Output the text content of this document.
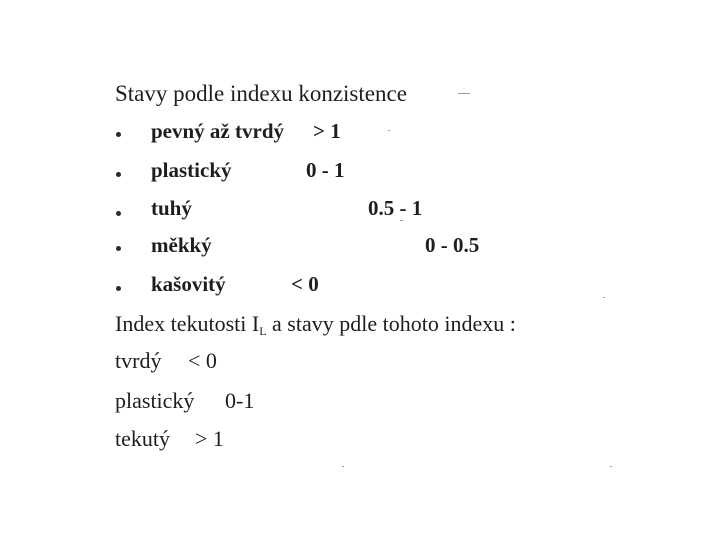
Stavy podle indexu konzistence
pevný až tvrdý > 1
plastický	0 - 1
tuhý	0.5 - 1
měkký	0 - 0.5
kašovitý	< 0
Index tekutosti IL a stavy pdle tohoto indexu :
tvrdý < 0
plastický 0-1
tekutý > 1
